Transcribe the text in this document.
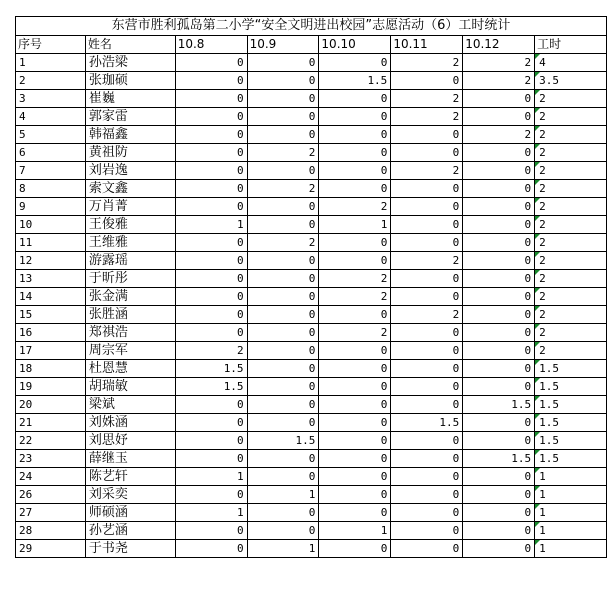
东营市胜利孤岛第二小学“安全文明进出校园”志愿活动（6）工时统计							
序号	姓名	10.8	10.9	10.10	10.11	10.12	工时
1	孙浩梁	0	0	0	2	2	4
2	张珈硕	0	0	1.5	0	2	3.5
3	崔巍	0	0	0	2	0	2
4	郭家雷	0	0	0	2	0	2
5	韩福鑫	0	0	0	0	2	2
6	黄祖防	0	2	0	0	0	2
7	刘岩逸	0	0	0	2	0	2
8	索文鑫	0	2	0	0	0	2
9	万肖菁	0	0	2	0	0	2
10	王俊雅	1	0	1	0	0	2
11	王维雅	0	2	0	0	0	2
12	游露瑶	0	0	0	2	0	2
13	于昕彤	0	0	2	0	0	2
14	张金满	0	0	2	0	0	2
15	张胜涵	0	0	0	2	0	2
16	郑祺浩	0	0	2	0	0	2
17	周宗军	2	0	0	0	0	2
18	杜恩慧	1.5	0	0	0	0	1.5
19	胡瑞敏	1.5	0	0	0	0	1.5
20	梁斌	0	0	0	0	1.5	1.5
21	刘姝涵	0	0	0	1.5	0	1.5
22	刘思妤	0	1.5	0	0	0	1.5
23	薛继玉	0	0	0	0	1.5	1.5
24	陈艺轩	1	0	0	0	0	1
26	刘采奕	0	1	0	0	0	1
27	师硕涵	1	0	0	0	0	1
28	孙艺涵	0	0	1	0	0	1
29	于书尧	0	1	0	0	0	1
